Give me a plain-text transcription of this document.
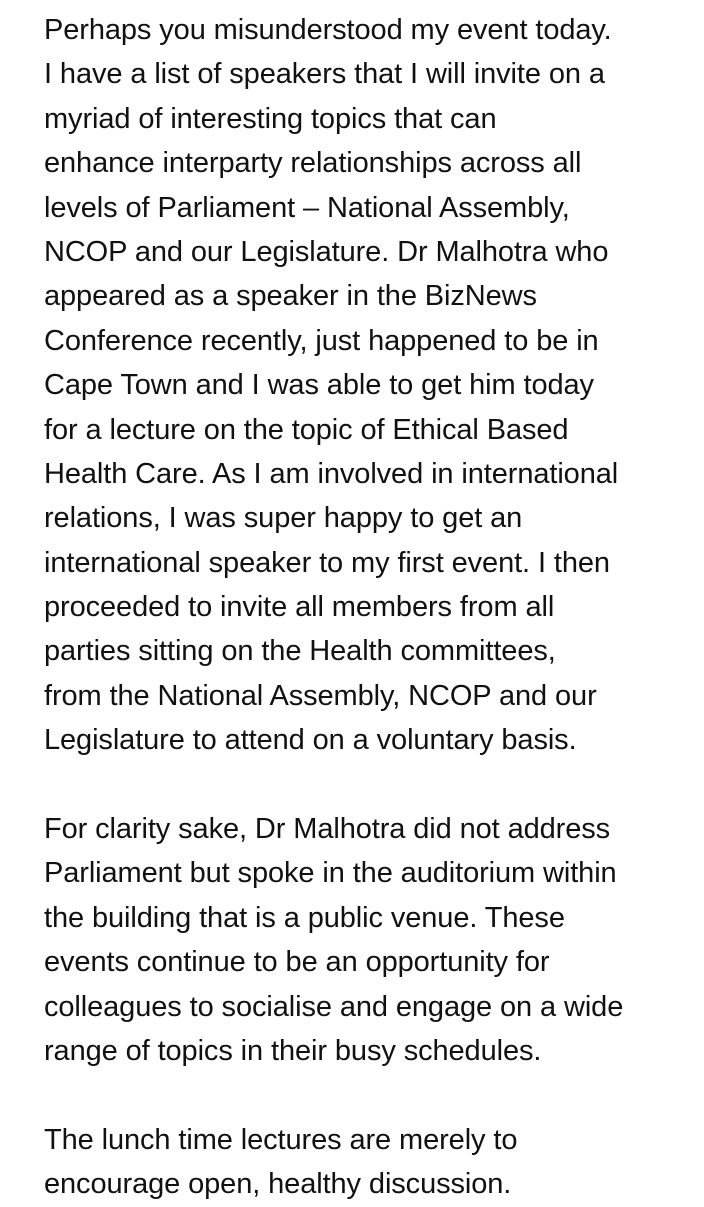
Perhaps you misunderstood my event today.
I have a list of speakers that I will invite on a
myriad of interesting topics that can
enhance interparty relationships across all
levels of Parliament – National Assembly,
NCOP and our Legislature. Dr Malhotra who
appeared as a speaker in the BizNews
Conference recently, just happened to be in
Cape Town and I was able to get him today
for a lecture on the topic of Ethical Based
Health Care. As I am involved in international
relations, I was super happy to get an
international speaker to my first event. I then
proceeded to invite all members from all
parties sitting on the Health committees,
from the National Assembly, NCOP and our
Legislature to attend on a voluntary basis.
For clarity sake, Dr Malhotra did not address
Parliament but spoke in the auditorium within
the building that is a public venue. These
events continue to be an opportunity for
colleagues to socialise and engage on a wide
range of topics in their busy schedules.
The lunch time lectures are merely to
encourage open, healthy discussion.
